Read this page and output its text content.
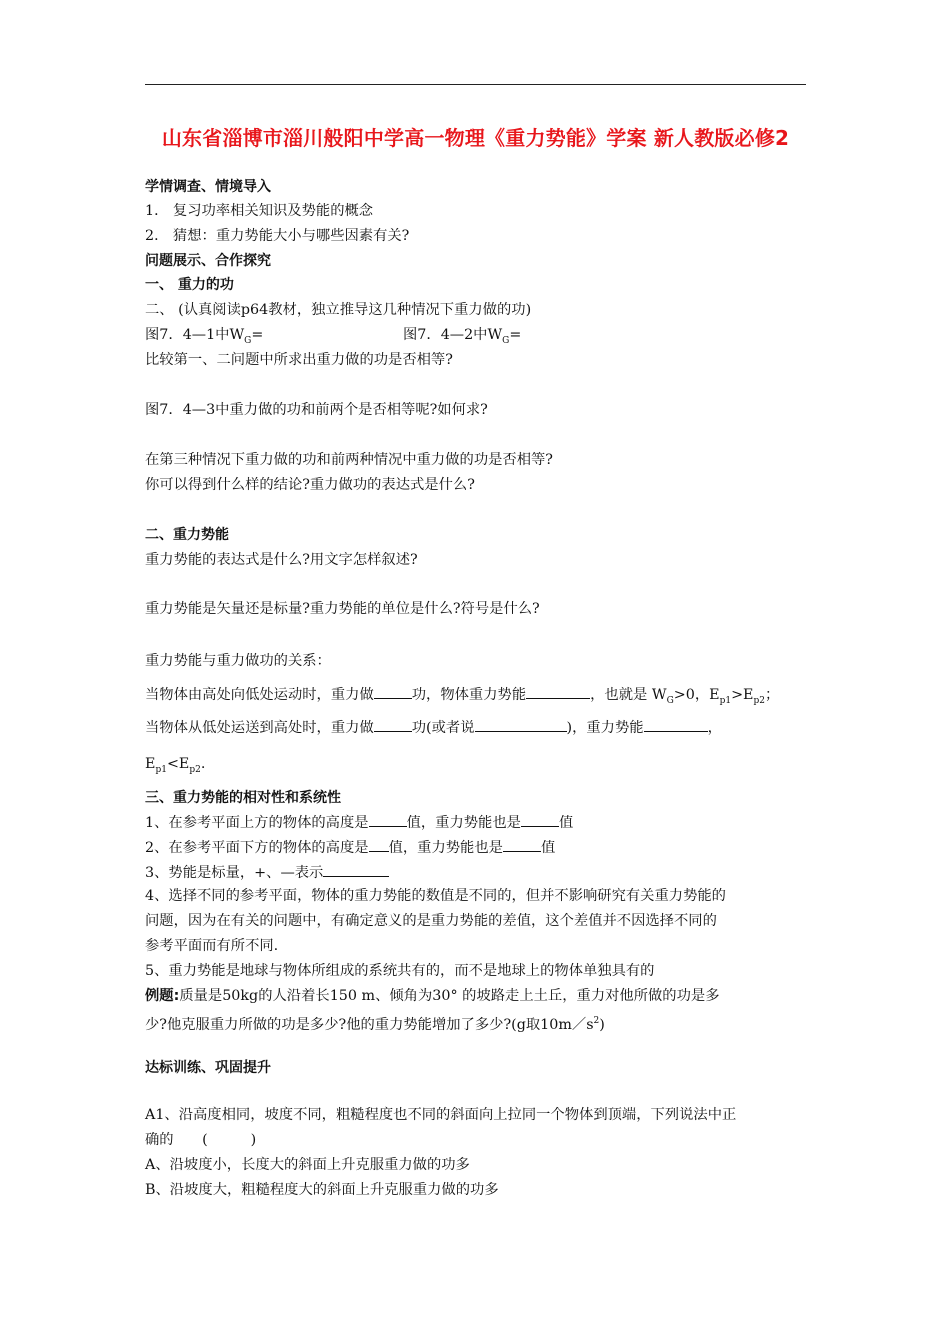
山东省淄博市淄川般阳中学高一物理《重力势能》学案 新人教版必修2
学情调查、情境导入
1． 复习功率相关知识及势能的概念
2． 猜想：重力势能大小与哪些因素有关?
问题展示、合作探究
一、 重力的功
二、 (认真阅读p64教材，独立推导这几种情况下重力做的功)
图7．4—1中$W_G=$	图7．4—2中$W_G=$
比较第一、二问题中所求出重力做的功是否相等?
图7．4—3中重力做的功和前两个是否相等呢?如何求?
在第三种情况下重力做的功和前两种情况中重力做的功是否相等?
你可以得到什么样的结论?重力做功的表达式是什么?
二、重力势能
重力势能的表达式是什么?用文字怎样叙述?
重力势能是矢量还是标量?重力势能的单位是什么?符号是什么?
重力势能与重力做功的关系：
当物体由高处向低处运动时，重力做	功，物体重力势能	，也就是 $W_G>0$，$E_{p1}>E_{p2}$；
当物体从低处运送到高处时，重力做	功(或者说	)，重力势能	，
$E_{p1}<E_{p2}$.
三、重力势能的相对性和系统性
1、在参考平面上方的物体的高度是	值，重力势能也是	值
2、在参考平面下方的物体的高度是 值，重力势能也是	值
3、势能是标量，+、—表示
4、选择不同的参考平面，物体的重力势能的数值是不同的，但并不影响研究有关重力势能的
问题，因为在有关的问题中，有确定意义的是重力势能的差值，这个差值并不因选择不同的
参考平面而有所不同.
5、重力势能是地球与物体所组成的系统共有的，而不是地球上的物体单独具有的
例题:质量是50kg的人沿着长150 m、倾角为30° 的坡路走上土丘，重力对他所做的功是多
少?他克服重力所做的功是多少?他的重力势能增加了多少?(g取$10m/s^2$)
达标训练、巩固提升
A1、沿高度相同，坡度不同，粗糙程度也不同的斜面向上拉同一个物体到顶端，下列说法中正
确的　　(　　　)
A、沿坡度小，长度大的斜面上升克服重力做的功多
B、沿坡度大，粗糙程度大的斜面上升克服重力做的功多
